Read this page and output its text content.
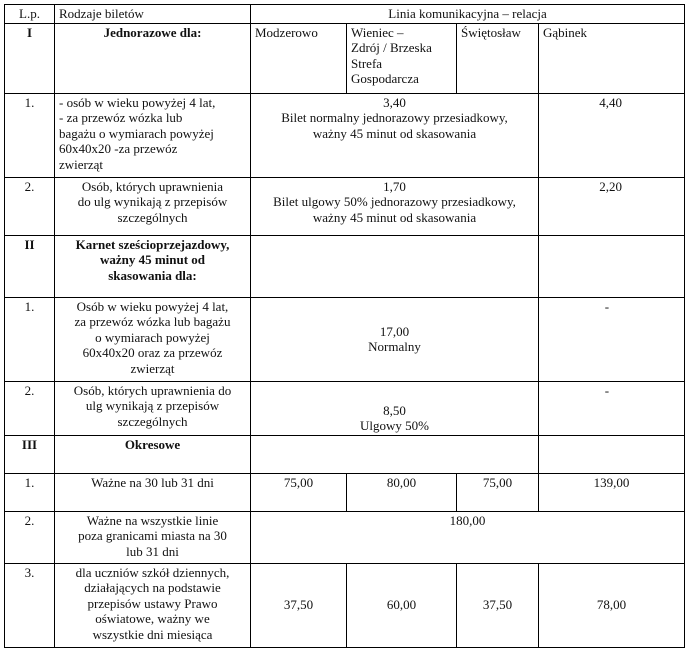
L.p.	Rodzaje biletów	Linia komunikacyjna – relacja			
I	Jednorazowe dla:	Modzerowo	Wieniec –
Zdrój / Brzeska
Strefa
Gospodarcza	Świętosław	Gąbinek
1.	- osób w wieku powyżej 4 lat,
- za przewóz wózka lub
bagażu o wymiarach powyżej
60x40x20 -za przewóz
zwierząt	3,40
Bilet normalny jednorazowy przesiadkowy,
ważny 45 minut od skasowania			4,40
2.	Osób, których uprawnienia
do ulg wynikają z przepisów
szczególnych	1,70
Bilet ulgowy 50% jednorazowy przesiadkowy,
ważny 45 minut od skasowania			2,20
II	Karnet sześcioprzejazdowy,
ważny 45 minut od
skasowania dla:				
1.	Osób w wieku powyżej 4 lat,
za przewóz wózka lub bagażu
o wymiarach powyżej
60x40x20 oraz za przewóz
zwierząt	17,00
Normalny			-
2.	Osób, których uprawnienia do
ulg wynikają z przepisów
szczególnych	8,50
Ulgowy 50%			-
III	Okresowe				
1.	Ważne na 30 lub 31 dni	75,00	80,00	75,00	139,00
2.	Ważne na wszystkie linie
poza granicami miasta na 30
lub 31 dni	180,00			
3.	dla uczniów szkół dziennych,
działających na podstawie
przepisów ustawy Prawo
oświatowe, ważny we
wszystkie dni miesiąca	37,50	60,00	37,50	78,00
